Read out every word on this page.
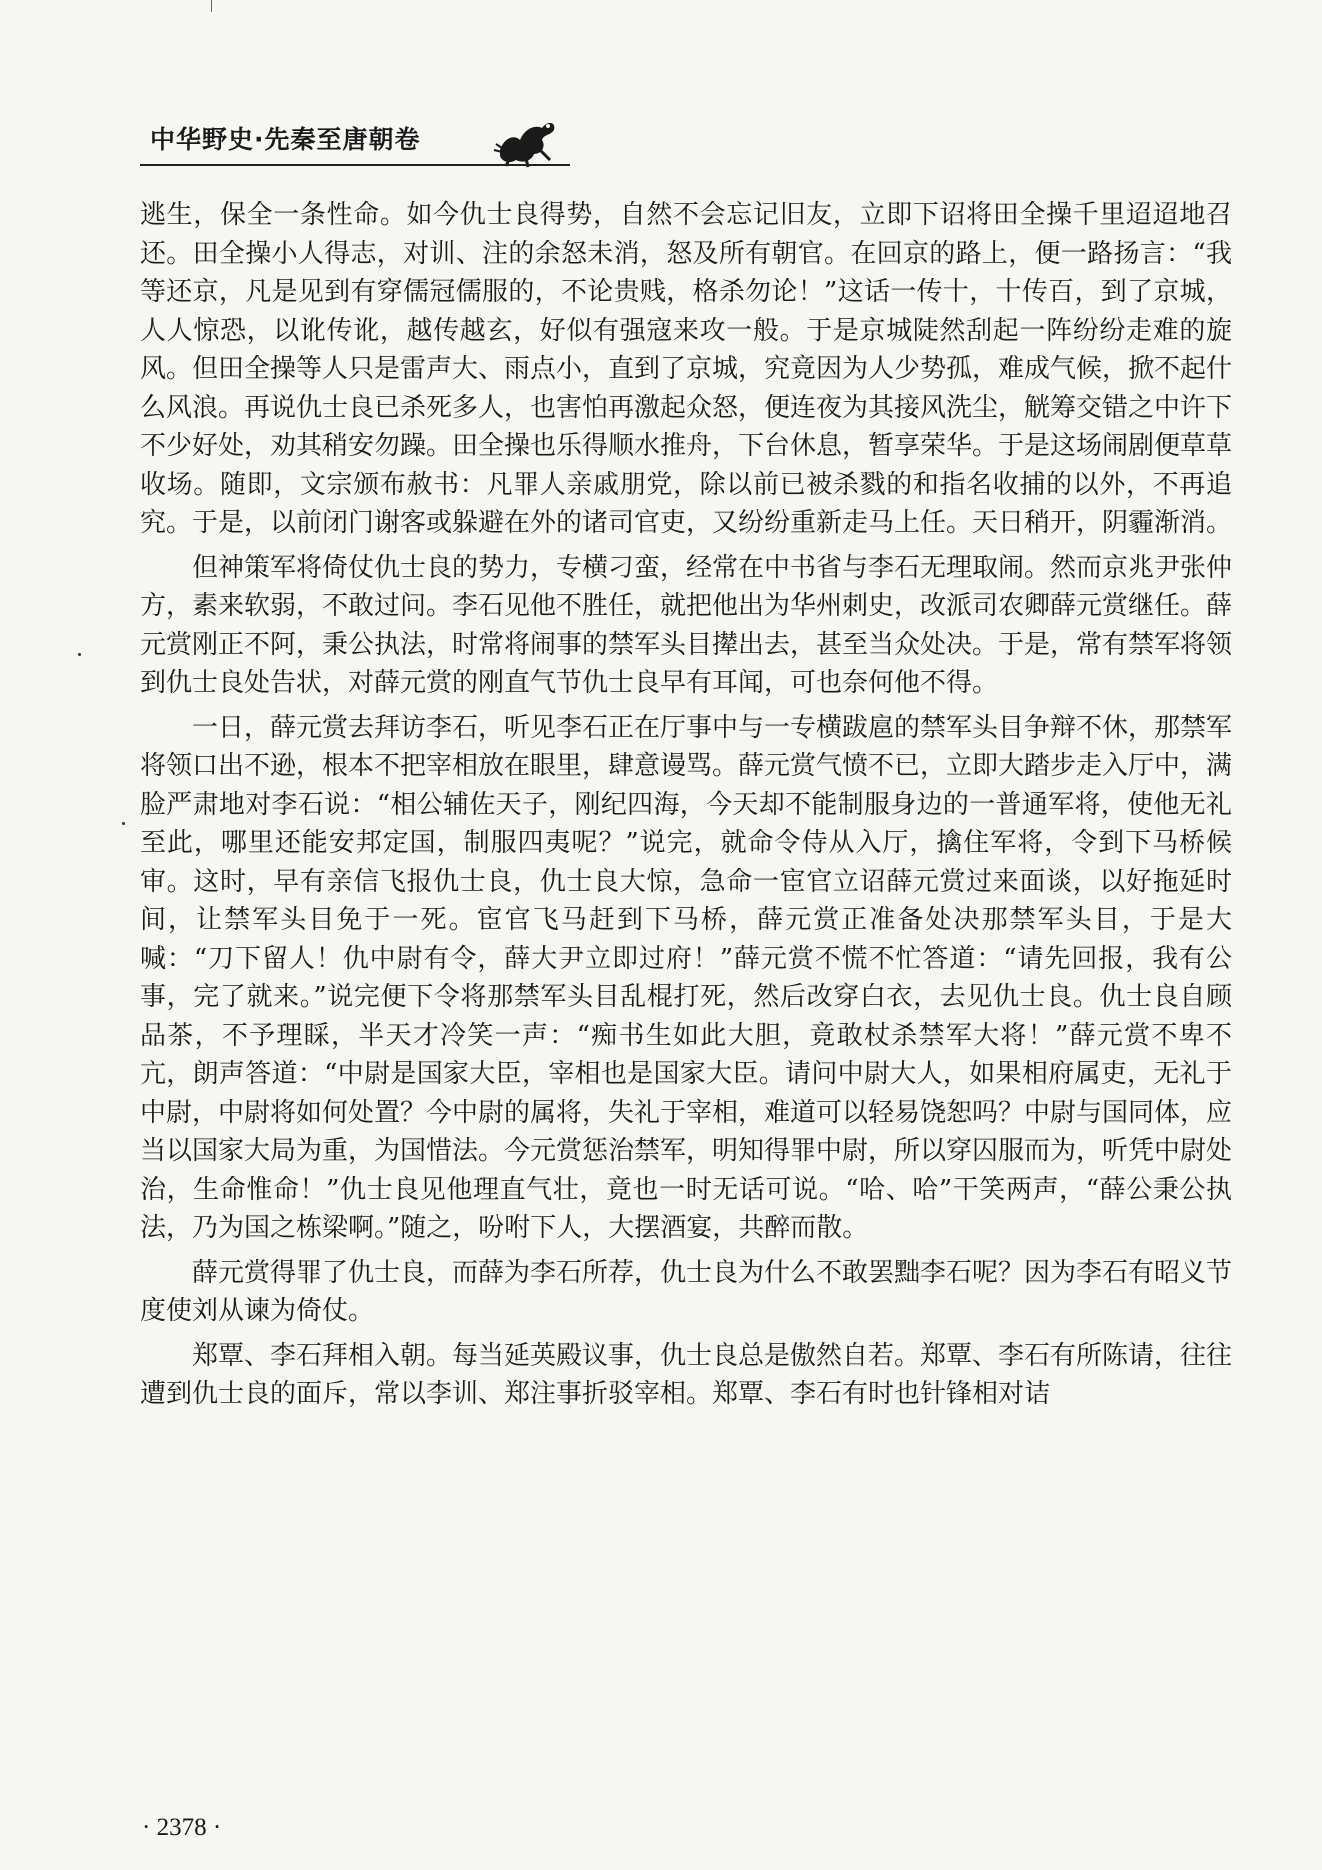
中华野史·先秦至唐朝卷

逃生，保全一条性命。如今仇士良得势，自然不会忘记旧友，立即下诏将田全操千里迢迢地召还。田全操小人得志，对训、注的余怒未消，怒及所有朝官。在回京的路上，便一路扬言：“我等还京，凡是见到有穿儒冠儒服的，不论贵贱，格杀勿论！”这话一传十，十传百，到了京城，人人惊恐，以讹传讹，越传越玄，好似有强寇来攻一般。于是京城陡然刮起一阵纷纷走难的旋风。但田全操等人只是雷声大、雨点小，直到了京城，究竟因为人少势孤，难成气候，掀不起什么风浪。再说仇士良已杀死多人，也害怕再激起众怒，便连夜为其接风洗尘，觥筹交错之中许下不少好处，劝其稍安勿躁。田全操也乐得顺水推舟，下台休息，暂享荣华。于是这场闹剧便草草收场。随即，文宗颁布赦书：凡罪人亲戚朋党，除以前已被杀戮的和指名收捕的以外，不再追究。于是，以前闭门谢客或躲避在外的诸司官吏，又纷纷重新走马上任。天日稍开，阴霾渐消。

但神策军将倚仗仇士良的势力，专横刁蛮，经常在中书省与李石无理取闹。然而京兆尹张仲方，素来软弱，不敢过问。李石见他不胜任，就把他出为华州刺史，改派司农卿薛元赏继任。薛元赏刚正不阿，秉公执法，时常将闹事的禁军头目撵出去，甚至当众处决。于是，常有禁军将领到仇士良处告状，对薛元赏的刚直气节仇士良早有耳闻，可也奈何他不得。

一日，薛元赏去拜访李石，听见李石正在厅事中与一专横跋扈的禁军头目争辩不休，那禁军将领口出不逊，根本不把宰相放在眼里，肆意谩骂。薛元赏气愤不已，立即大踏步走入厅中，满脸严肃地对李石说：“相公辅佐天子，刚纪四海，今天却不能制服身边的一普通军将，使他无礼至此，哪里还能安邦定国，制服四夷呢？”说完，就命令侍从入厅，擒住军将，令到下马桥候审。这时，早有亲信飞报仇士良，仇士良大惊，急命一宦官立诏薛元赏过来面谈，以好拖延时间，让禁军头目免于一死。宦官飞马赶到下马桥，薛元赏正准备处决那禁军头目，于是大喊：“刀下留人！仇中尉有令，薛大尹立即过府！”薛元赏不慌不忙答道：“请先回报，我有公事，完了就来。”说完便下令将那禁军头目乱棍打死，然后改穿白衣，去见仇士良。仇士良自顾品茶，不予理睬，半天才冷笑一声：“痴书生如此大胆，竟敢杖杀禁军大将！”薛元赏不卑不亢，朗声答道：“中尉是国家大臣，宰相也是国家大臣。请问中尉大人，如果相府属吏，无礼于中尉，中尉将如何处置？今中尉的属将，失礼于宰相，难道可以轻易饶恕吗？中尉与国同体，应当以国家大局为重，为国惜法。今元赏惩治禁军，明知得罪中尉，所以穿囚服而为，听凭中尉处治，生命惟命！”仇士良见他理直气壮，竟也一时无话可说。“哈、哈”干笑两声，“薛公秉公执法，乃为国之栋梁啊。”随之，吩咐下人，大摆酒宴，共醉而散。

薛元赏得罪了仇士良，而薛为李石所荐，仇士良为什么不敢罢黜李石呢？因为李石有昭义节度使刘从谏为倚仗。

郑覃、李石拜相入朝。每当延英殿议事，仇士良总是傲然自若。郑覃、李石有所陈请，往往遭到仇士良的面斥，常以李训、郑注事折驳宰相。郑覃、李石有时也针锋相对诘

· 2378 ·
